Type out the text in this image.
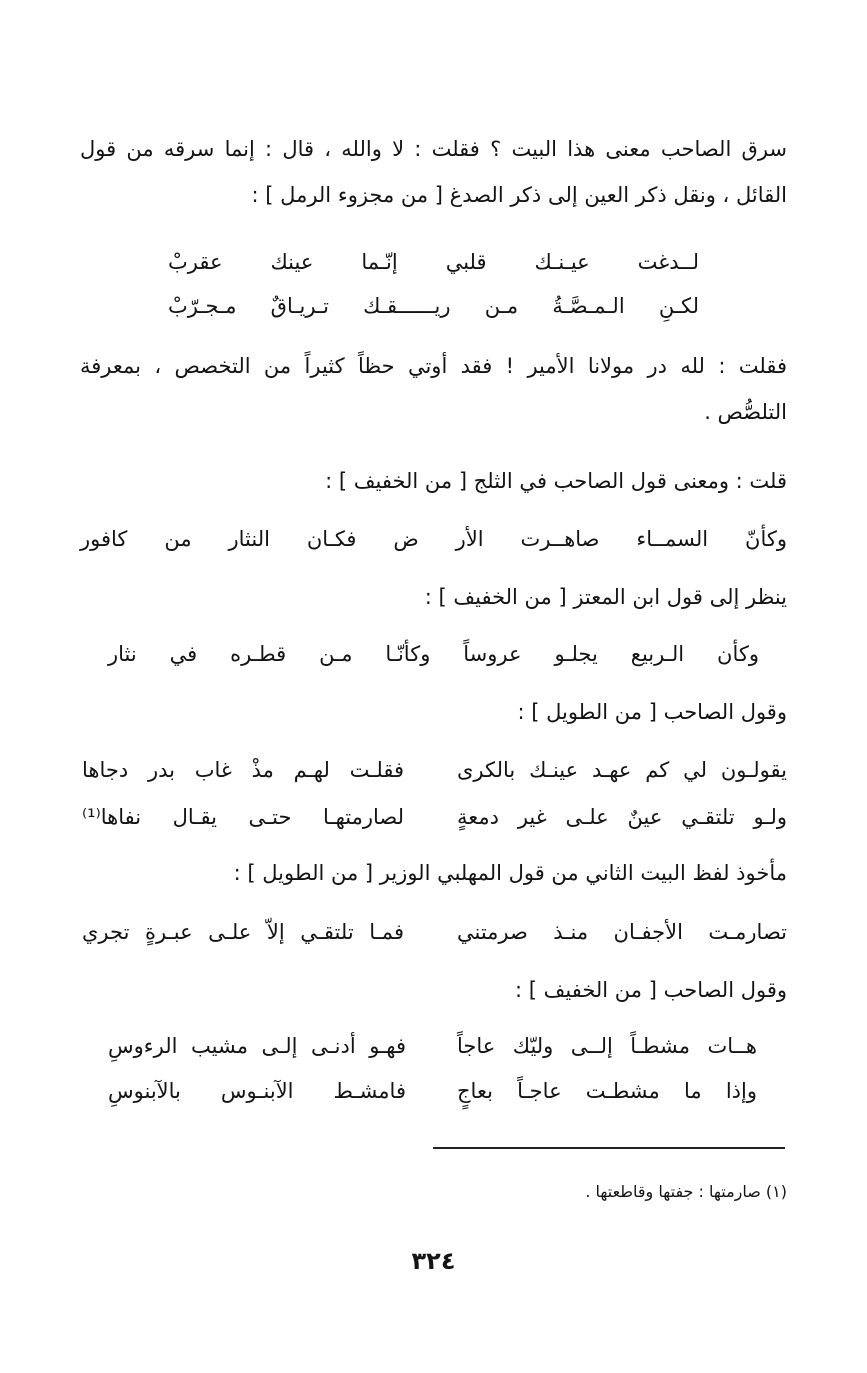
سرق الصاحب معنى هذا البيت ؟ فقلت : لا والله ، قال : إنما سرقه من قول
القائل ، ونقل ذكر العين إلى ذكر الصدغ [ من مجزوء الرمل ] :
لــدغت عيـنـك قلبي إنّـما عينك عقربْ
لكـنِ الـمـصَّـةُ مـن ريــــــقـك تـريـاقٌ مـجـرّبْ
فقلت : لله در مولانا الأمير ! فقد أوتي حظاً كثيراً من التخصص ، بمعرفة
التلصُّص .
قلت : ومعنى قول الصاحب في الثلج [ من الخفيف ] :
وكأنّ السمــاء صاهــرت الأر ض فكـان النثار من كافور
ينظر إلى قول ابن المعتز [ من الخفيف ] :
وكأن الـربيع يجلـو عروساً وكأنّـا مـن قطـره في نثار
وقول الصاحب [ من الطويل ] :
يقولـون لي كم عهـد عينـك بالكرى
فقلـت لهـم مذْ غاب بدر دجاها
ولـو تلتقـي عينٌ علـى غير دمعةٍ
لصارمتهـا حتـى يقـال نفاها⁽¹⁾
مأخوذ لفظ البيت الثاني من قول المهلبي الوزير [ من الطويل ] :
تصارمـت الأجفـان منـذ صرمتني
فمـا تلتقـي إلاّ علـى عبـرةٍ تجري
وقول الصاحب [ من الخفيف ] :
هــات مشطـاً إلــى وليّك عاجاً
فهـو أدنـى إلـى مشيب الرءوسِ
وإذا ما مشطـت عاجـاً بعاجٍ
فامشـط الآبنـوس بالآبنوسِ
(١) صارمتها : جفتها وقاطعتها .
٣٢٤
